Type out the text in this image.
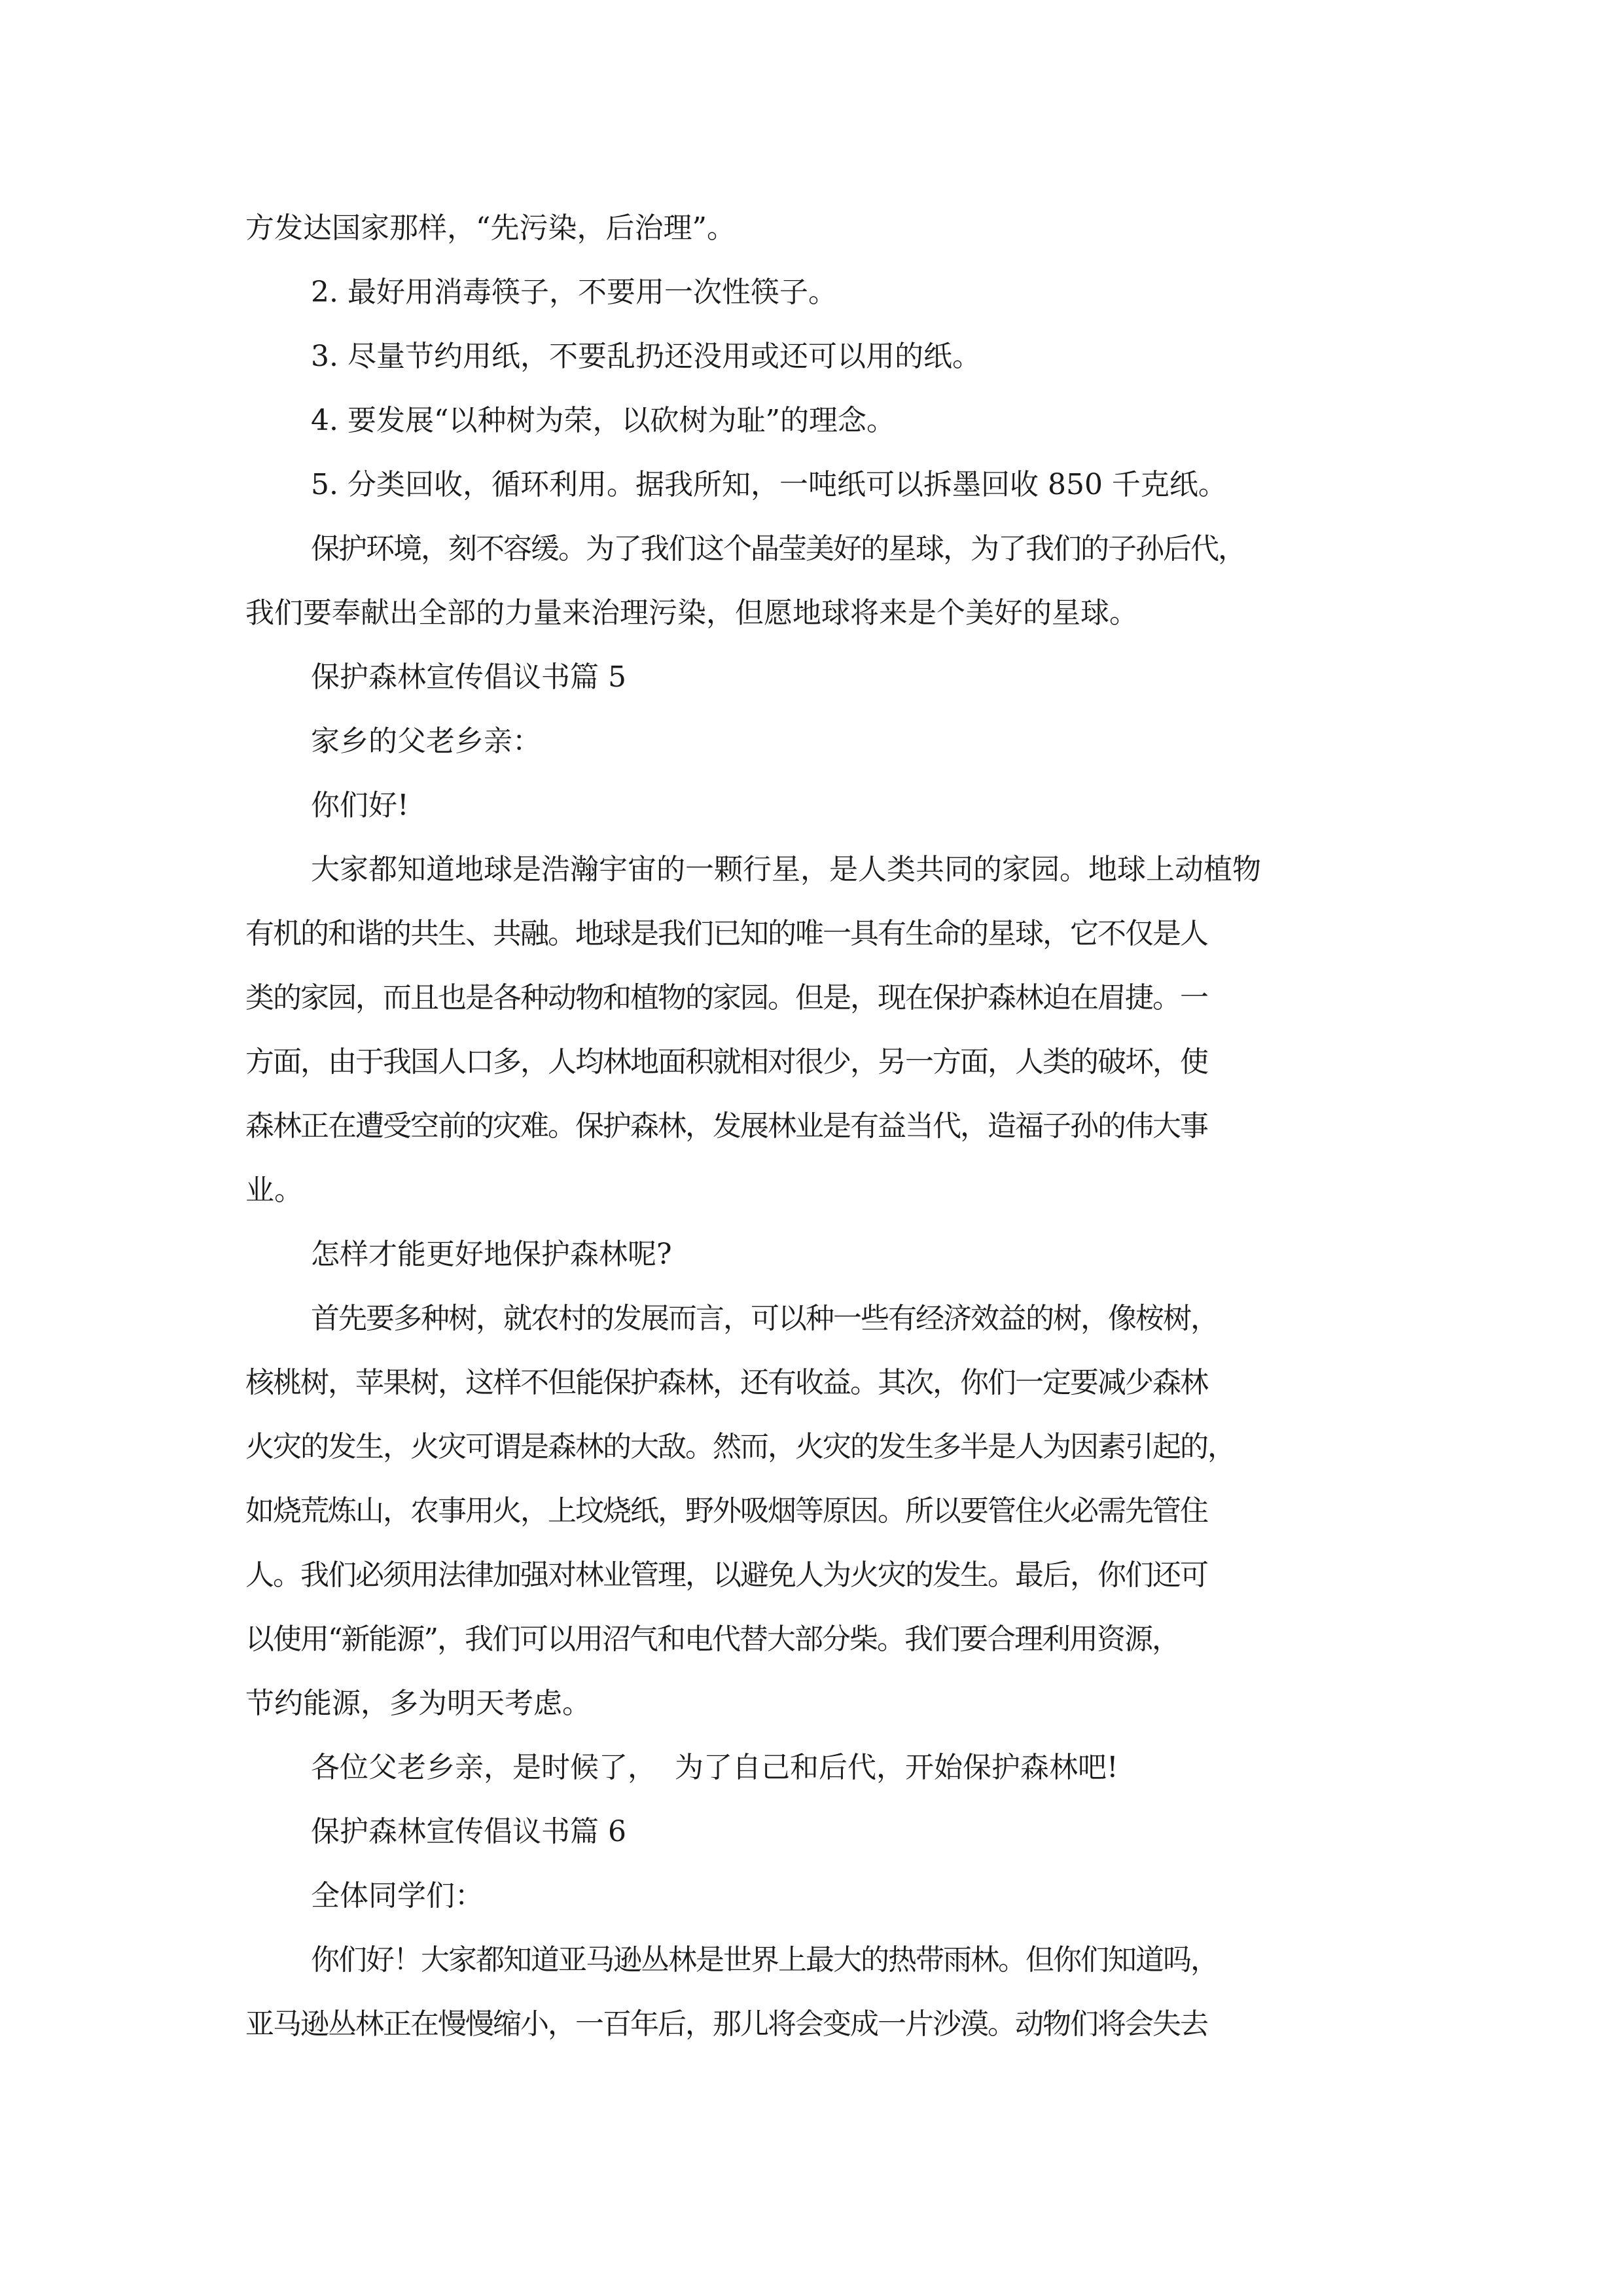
方发达国家那样，“先污染，后治理”。
2. 最好用消毒筷子，不要用一次性筷子。
3. 尽量节约用纸，不要乱扔还没用或还可以用的纸。
4. 要发展“以种树为荣，以砍树为耻”的理念。
5. 分类回收，循环利用。据我所知，一吨纸可以拆墨回收 850 千克纸。
保护环境，刻不容缓。为了我们这个晶莹美好的星球，为了我们的子孙后代，
我们要奉献出全部的力量来治理污染，但愿地球将来是个美好的星球。
保护森林宣传倡议书篇 5
家乡的父老乡亲：
你们好!
大家都知道地球是浩瀚宇宙的一颗行星，是人类共同的家园。地球上动植物
有机的和谐的共生、共融。地球是我们已知的唯一具有生命的星球，它不仅是人
类的家园，而且也是各种动物和植物的家园。但是，现在保护森林迫在眉捷。一
方面，由于我国人口多，人均林地面积就相对很少，另一方面，人类的破坏，使
森林正在遭受空前的灾难。保护森林，发展林业是有益当代，造福子孙的伟大事
业。
怎样才能更好地保护森林呢?
首先要多种树，就农村的发展而言，可以种一些有经济效益的树，像桉树，
核桃树，苹果树，这样不但能保护森林，还有收益。其次，你们一定要减少森林
火灾的发生，火灾可谓是森林的大敌。然而，火灾的发生多半是人为因素引起的，
如烧荒炼山，农事用火，上坟烧纸，野外吸烟等原因。所以要管住火必需先管住
人。我们必须用法律加强对林业管理，以避免人为火灾的发生。最后，你们还可
以使用“新能源”，我们可以用沼气和电代替大部分柴。我们要合理利用资源，
节约能源，多为明天考虑。
各位父老乡亲，是时候了，  为了自己和后代，开始保护森林吧!
保护森林宣传倡议书篇 6
全体同学们：
你们好！大家都知道亚马逊丛林是世界上最大的热带雨林。但你们知道吗，
亚马逊丛林正在慢慢缩小，一百年后，那儿将会变成一片沙漠。动物们将会失去
